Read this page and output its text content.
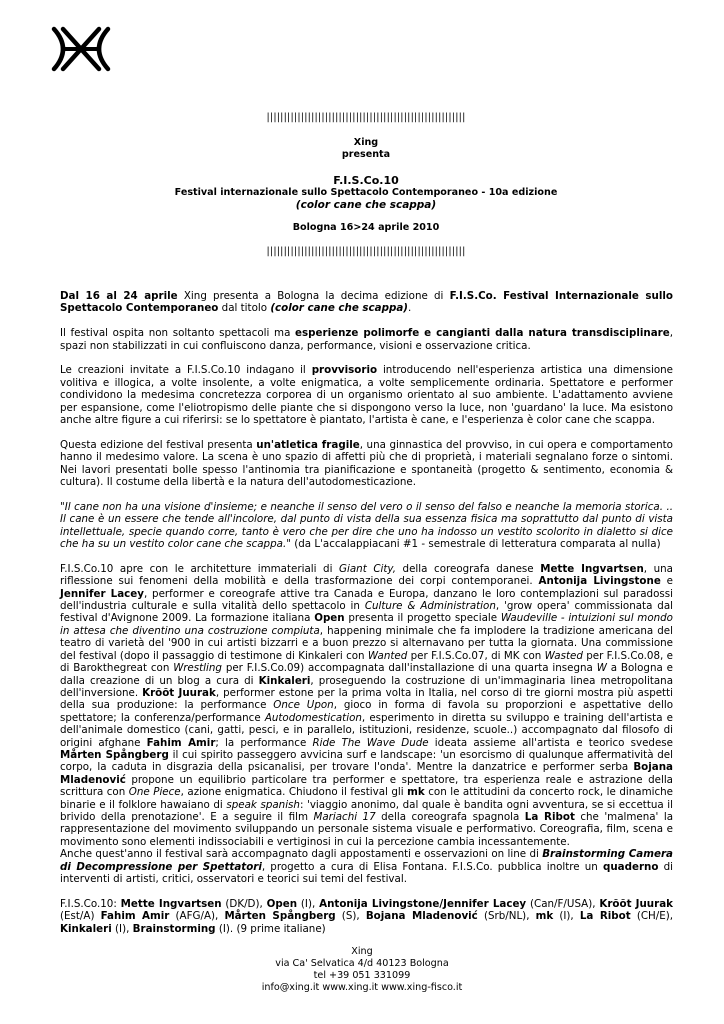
||||||||||||||||||||||||||||||||||||||||||||||||||||||||||
Xing
presenta
F.I.S.Co.10
Festival internazionale sullo Spettacolo Contemporaneo - 10a edizione
(color cane che scappa)
Bologna 16>24 aprile 2010
||||||||||||||||||||||||||||||||||||||||||||||||||||||||||

Dal 16 al 24 aprile Xing presenta a Bologna la decima edizione di F.I.S.Co. Festival Internazionale sullo Spettacolo Contemporaneo dal titolo (color cane che scappa).

Il festival ospita non soltanto spettacoli ma esperienze polimorfe e cangianti dalla natura transdisciplinare, spazi non stabilizzati in cui confluiscono danza, performance, visioni e osservazione critica.

Le creazioni invitate a F.I.S.Co.10 indagano il provvisorio introducendo nell'esperienza artistica una dimensione volitiva e illogica, a volte insolente, a volte enigmatica, a volte semplicemente ordinaria. Spettatore e performer condividono la medesima concretezza corporea di un organismo orientato al suo ambiente. L'adattamento avviene per espansione, come l'eliotropismo delle piante che si dispongono verso la luce, non 'guardano' la luce. Ma esistono anche altre figure a cui riferirsi: se lo spettatore è piantato, l'artista è cane, e l'esperienza è color cane che scappa.

Questa edizione del festival presenta un'atletica fragile, una ginnastica del provviso, in cui opera e comportamento hanno il medesimo valore. La scena è uno spazio di affetti più che di proprietà, i materiali segnalano forze o sintomi. Nei lavori presentati bolle spesso l'antinomia tra pianificazione e spontaneità (progetto & sentimento, economia & cultura). Il costume della libertà e la natura dell'autodomesticazione.

"Il cane non ha una visione d'insieme; e neanche il senso del vero o il senso del falso e neanche la memoria storica. .. Il cane è un essere che tende all'incolore, dal punto di vista della sua essenza fisica ma soprattutto dal punto di vista intellettuale, specie quando corre, tanto è vero che per dire che uno ha indosso un vestito scolorito in dialetto si dice che ha su un vestito color cane che scappa." (da L'accalappiacani #1 - semestrale di letteratura comparata al nulla)

F.I.S.Co.10 apre con le architetture immateriali di Giant City, della coreografa danese Mette Ingvartsen, una riflessione sui fenomeni della mobilità e della trasformazione dei corpi contemporanei. Antonija Livingstone e Jennifer Lacey, performer e coreografe attive tra Canada e Europa, danzano le loro contemplazioni sul paradossi dell'industria culturale e sulla vitalità dello spettacolo in Culture & Administration, 'grow opera' commissionata dal festival d'Avignone 2009. La formazione italiana Open presenta il progetto speciale Waudeville - intuizioni sul mondo in attesa che diventino una costruzione compiuta, happening minimale che fa implodere la tradizione americana del teatro di varietà del '900 in cui artisti bizzarri e a buon prezzo si alternavano per tutta la giornata. Una commissione del festival (dopo il passaggio di testimone di Kinkaleri con Wanted per F.I.S.Co.07, di MK con Wasted per F.I.S.Co.08, e di Barokthegreat con Wrestling per F.I.S.Co.09) accompagnata dall'installazione di una quarta insegna W a Bologna e dalla creazione di un blog a cura di Kinkaleri, proseguendo la costruzione di un'immaginaria linea metropolitana dell'inversione. Krõõt Juurak, performer estone per la prima volta in Italia, nel corso di tre giorni mostra più aspetti della sua produzione: la performance Once Upon, gioco in forma di favola su proporzioni e aspettative dello spettatore; la conferenza/performance Autodomestication, esperimento in diretta su sviluppo e training dell'artista e dell'animale domestico (cani, gatti, pesci, e in parallelo, istituzioni, residenze, scuole..) accompagnato dal filosofo di origini afghane Fahim Amir; la performance Ride The Wave Dude ideata assieme all'artista e teorico svedese Mårten Spångberg il cui spirito passeggero avvicina surf e landscape: 'un esorcismo di qualunque affermatività del corpo, la caduta in disgrazia della psicanalisi, per trovare l'onda'. Mentre la danzatrice e performer serba Bojana Mladenović propone un equilibrio particolare tra performer e spettatore, tra esperienza reale e astrazione della scrittura con One Piece, azione enigmatica. Chiudono il festival gli mk con le attitudini da concerto rock, le dinamiche binarie e il folklore hawaiano di speak spanish: 'viaggio anonimo, dal quale è bandita ogni avventura, se si eccettua il brivido della prenotazione'. E a seguire il film Mariachi 17 della coreografa spagnola La Ribot che 'malmena' la rappresentazione del movimento sviluppando un personale sistema visuale e performativo. Coreografia, film, scena e movimento sono elementi indissociabili e vertiginosi in cui la percezione cambia incessantemente.

Anche quest'anno il festival sarà accompagnato dagli appostamenti e osservazioni on line di Brainstorming Camera di Decompressione per Spettatori, progetto a cura di Elisa Fontana. F.I.S.Co. pubblica inoltre un quaderno di interventi di artisti, critici, osservatori e teorici sui temi del festival.

F.I.S.Co.10: Mette Ingvartsen (DK/D), Open (I), Antonija Livingstone/Jennifer Lacey (Can/F/USA), Krõõt Juurak (Est/A) Fahim Amir (AFG/A), Mårten Spångberg (S), Bojana Mladenović (Srb/NL), mk (I), La Ribot (CH/E), Kinkaleri (I), Brainstorming (I). (9 prime italiane)

Xing
via Ca' Selvatica 4/d 40123 Bologna
tel +39 051 331099
info@xing.it www.xing.it www.xing-fisco.it
